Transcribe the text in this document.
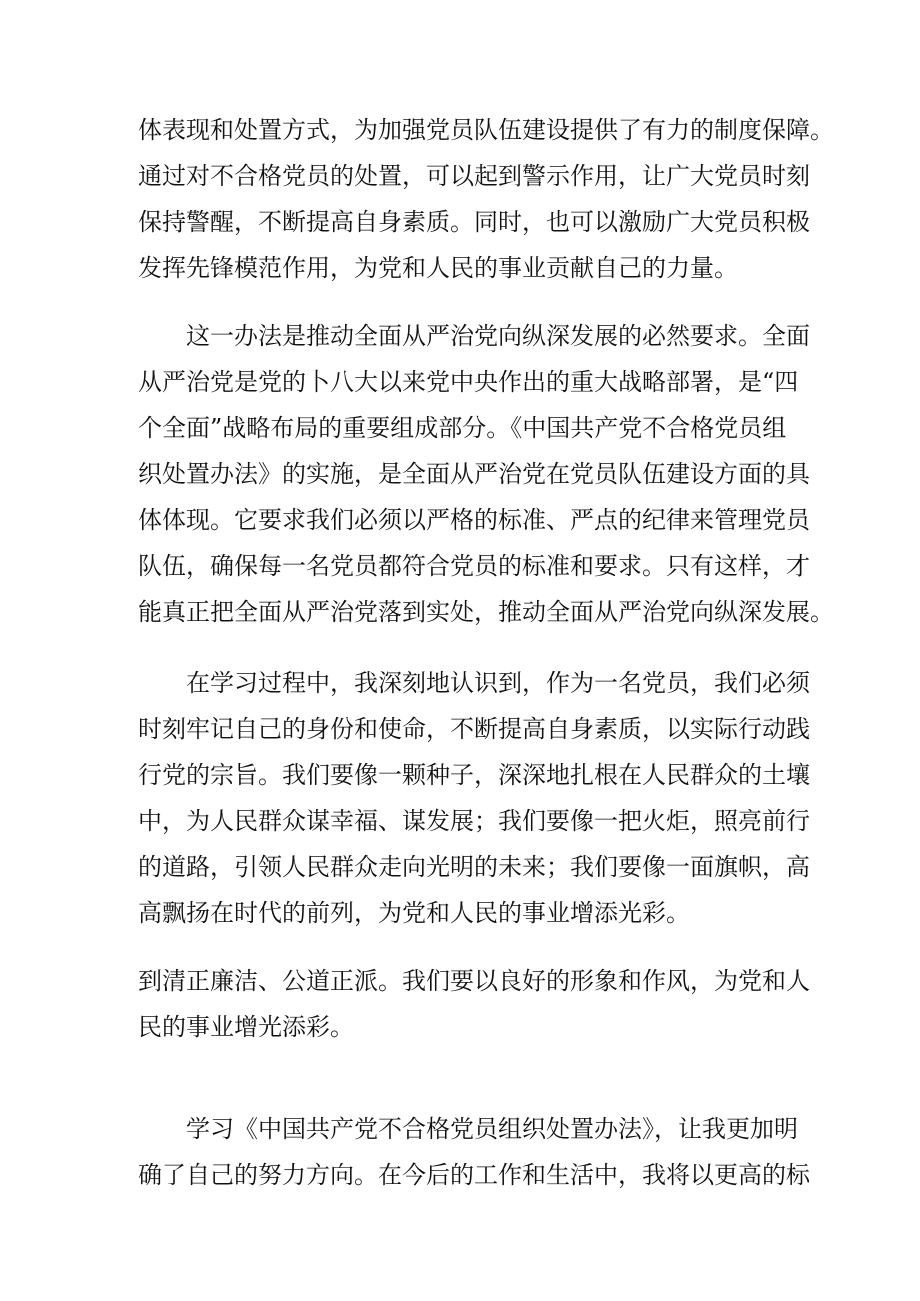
体表现和处置方式，为加强党员队伍建设提供了有力的制度保障。
通过对不合格党员的处置，可以起到警示作用，让广大党员时刻
保持警醒，不断提高自身素质。同时，也可以激励广大党员积极
发挥先锋模范作用，为党和人民的事业贡献自己的力量。
　　这一办法是推动全面从严治党向纵深发展的必然要求。全面
从严治党是党的卜八大以来党中央作出的重大战略部署，是“四
个全面”战略布局的重要组成部分。《中国共产党不合格党员组
织处置办法》的实施，是全面从严治党在党员队伍建设方面的具
体体现。它要求我们必须以严格的标准、严点的纪律来管理党员
队伍，确保每一名党员都符合党员的标准和要求。只有这样，才
能真正把全面从严治党落到实处，推动全面从严治党向纵深发展。
　　在学习过程中，我深刻地认识到，作为一名党员，我们必须
时刻牢记自己的身份和使命，不断提高自身素质，以实际行动践
行党的宗旨。我们要像一颗种子，深深地扎根在人民群众的土壤
中，为人民群众谋幸福、谋发展；我们要像一把火炬，照亮前行
的道路，引领人民群众走向光明的未来；我们要像一面旗帜，高
高飘扬在时代的前列，为党和人民的事业增添光彩。
到清正廉洁、公道正派。我们要以良好的形象和作风，为党和人
民的事业增光添彩。
　　学习《中国共产党不合格党员组织处置办法》，让我更加明
确了自己的努力方向。在今后的工作和生活中，我将以更高的标
